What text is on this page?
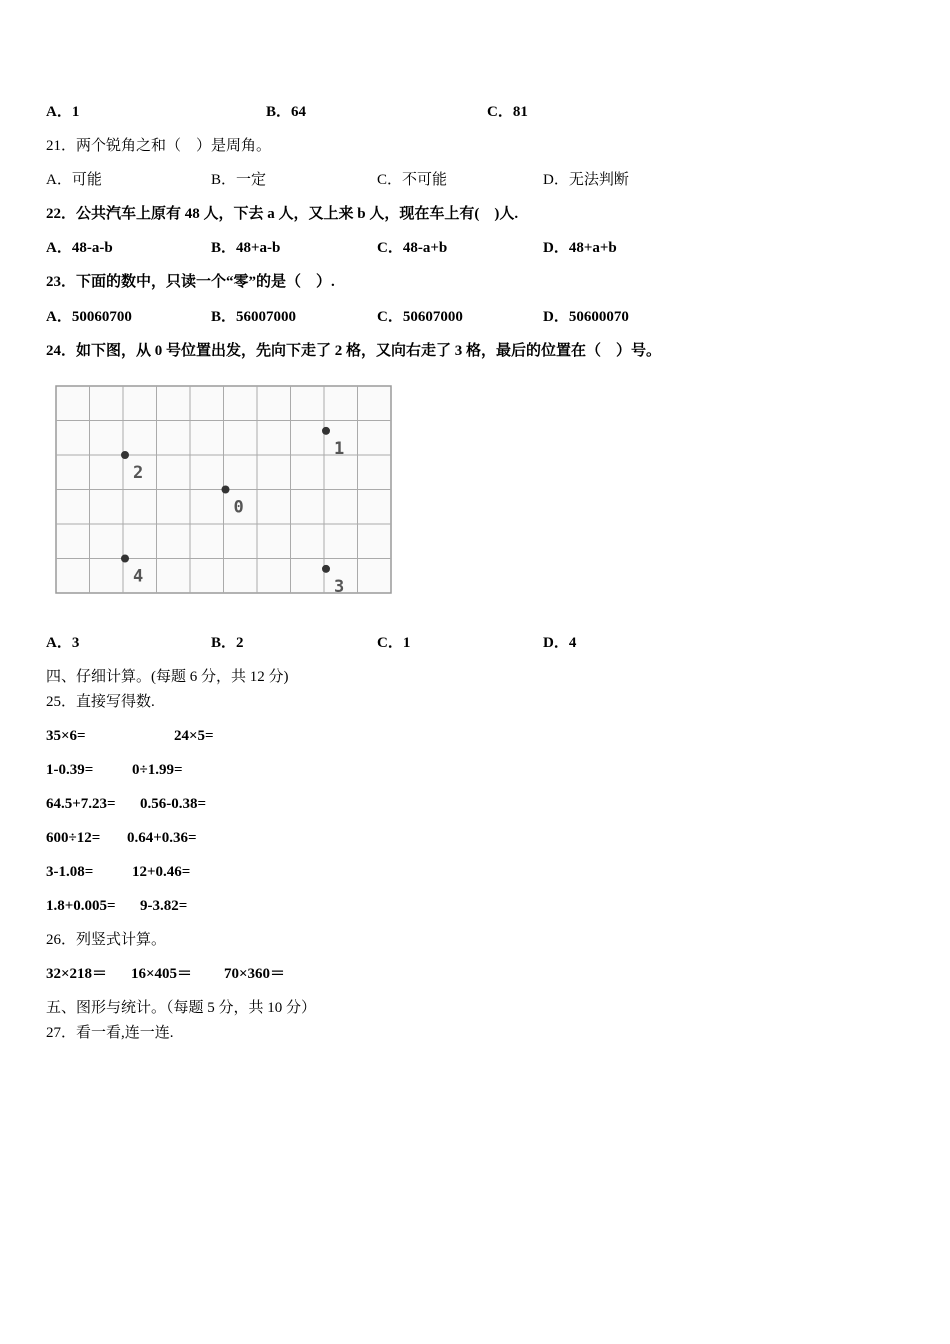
A．1	B．64	C．81
21．两个锐角之和（　）是周角。
A．可能	B．一定	C．不可能	D．无法判断
22．公共汽车上原有 48 人，下去 a 人，又上来 b 人，现在车上有(　)人.
A．48-a-b	B．48+a-b	C．48-a+b	D．48+a+b
23．下面的数中，只读一个“零”的是（　）.
A．50060700	B．56007000	C．50607000	D．50600070
24．如下图，从 0 号位置出发，先向下走了 2 格，又向右走了 3 格，最后的位置在（　）号。
1
2
0
4
3
A．3	B．2	C．1	D．4
四、仔细计算。(每题 6 分，共 12 分)
25．直接写得数.
35×6=	24×5=
1-0.39=	0÷1.99=
64.5+7.23= 0.56-0.38=
600÷12= 0.64+0.36=
3-1.08=	12+0.46=
1.8+0.005= 9-3.82=
26．列竖式计算。
32×218＝ 16×405＝ 70×360＝
五、图形与统计。（每题 5 分，共 10 分）
27．看一看,连一连.
